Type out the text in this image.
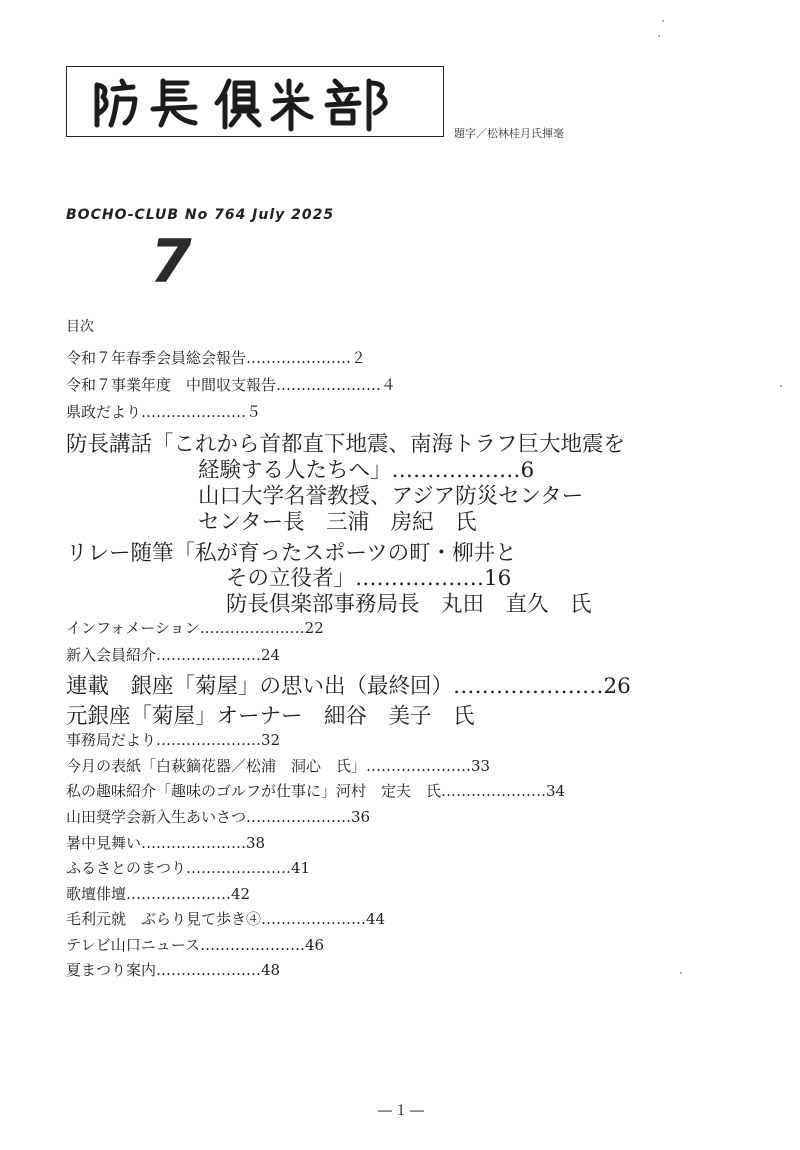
題字／松林桂月氏揮毫
BOCHO-CLUB No 764 July 2025
7
目次
令和７年春季会員総会報告…………………２
令和７事業年度　中間収支報告…………………４
県政だより…………………５
防長講話「これから首都直下地震、南海トラフ巨大地震を
経験する人たちへ」………………6
山口大学名誉教授、アジア防災センター
センター長　三浦　房紀　氏
リレー随筆「私が育ったスポーツの町・柳井と
その立役者」………………16
防長倶楽部事務局長　丸田　直久　氏
インフォメーション…………………22
新入会員紹介…………………24
連載　銀座「菊屋」の思い出（最終回）…………………26
元銀座「菊屋」オーナー　細谷　美子　氏
事務局だより…………………32
今月の表紙「白萩鏑花器／松浦　洞心　氏」…………………33
私の趣味紹介「趣味のゴルフが仕事に」河村　定夫　氏…………………34
山田奨学会新入生あいさつ…………………36
暑中見舞い…………………38
ふるさとのまつり…………………41
歌壇俳壇…………………42
毛利元就　ぶらり見て歩き④…………………44
テレビ山口ニュース…………………46
夏まつり案内…………………48
―１―
